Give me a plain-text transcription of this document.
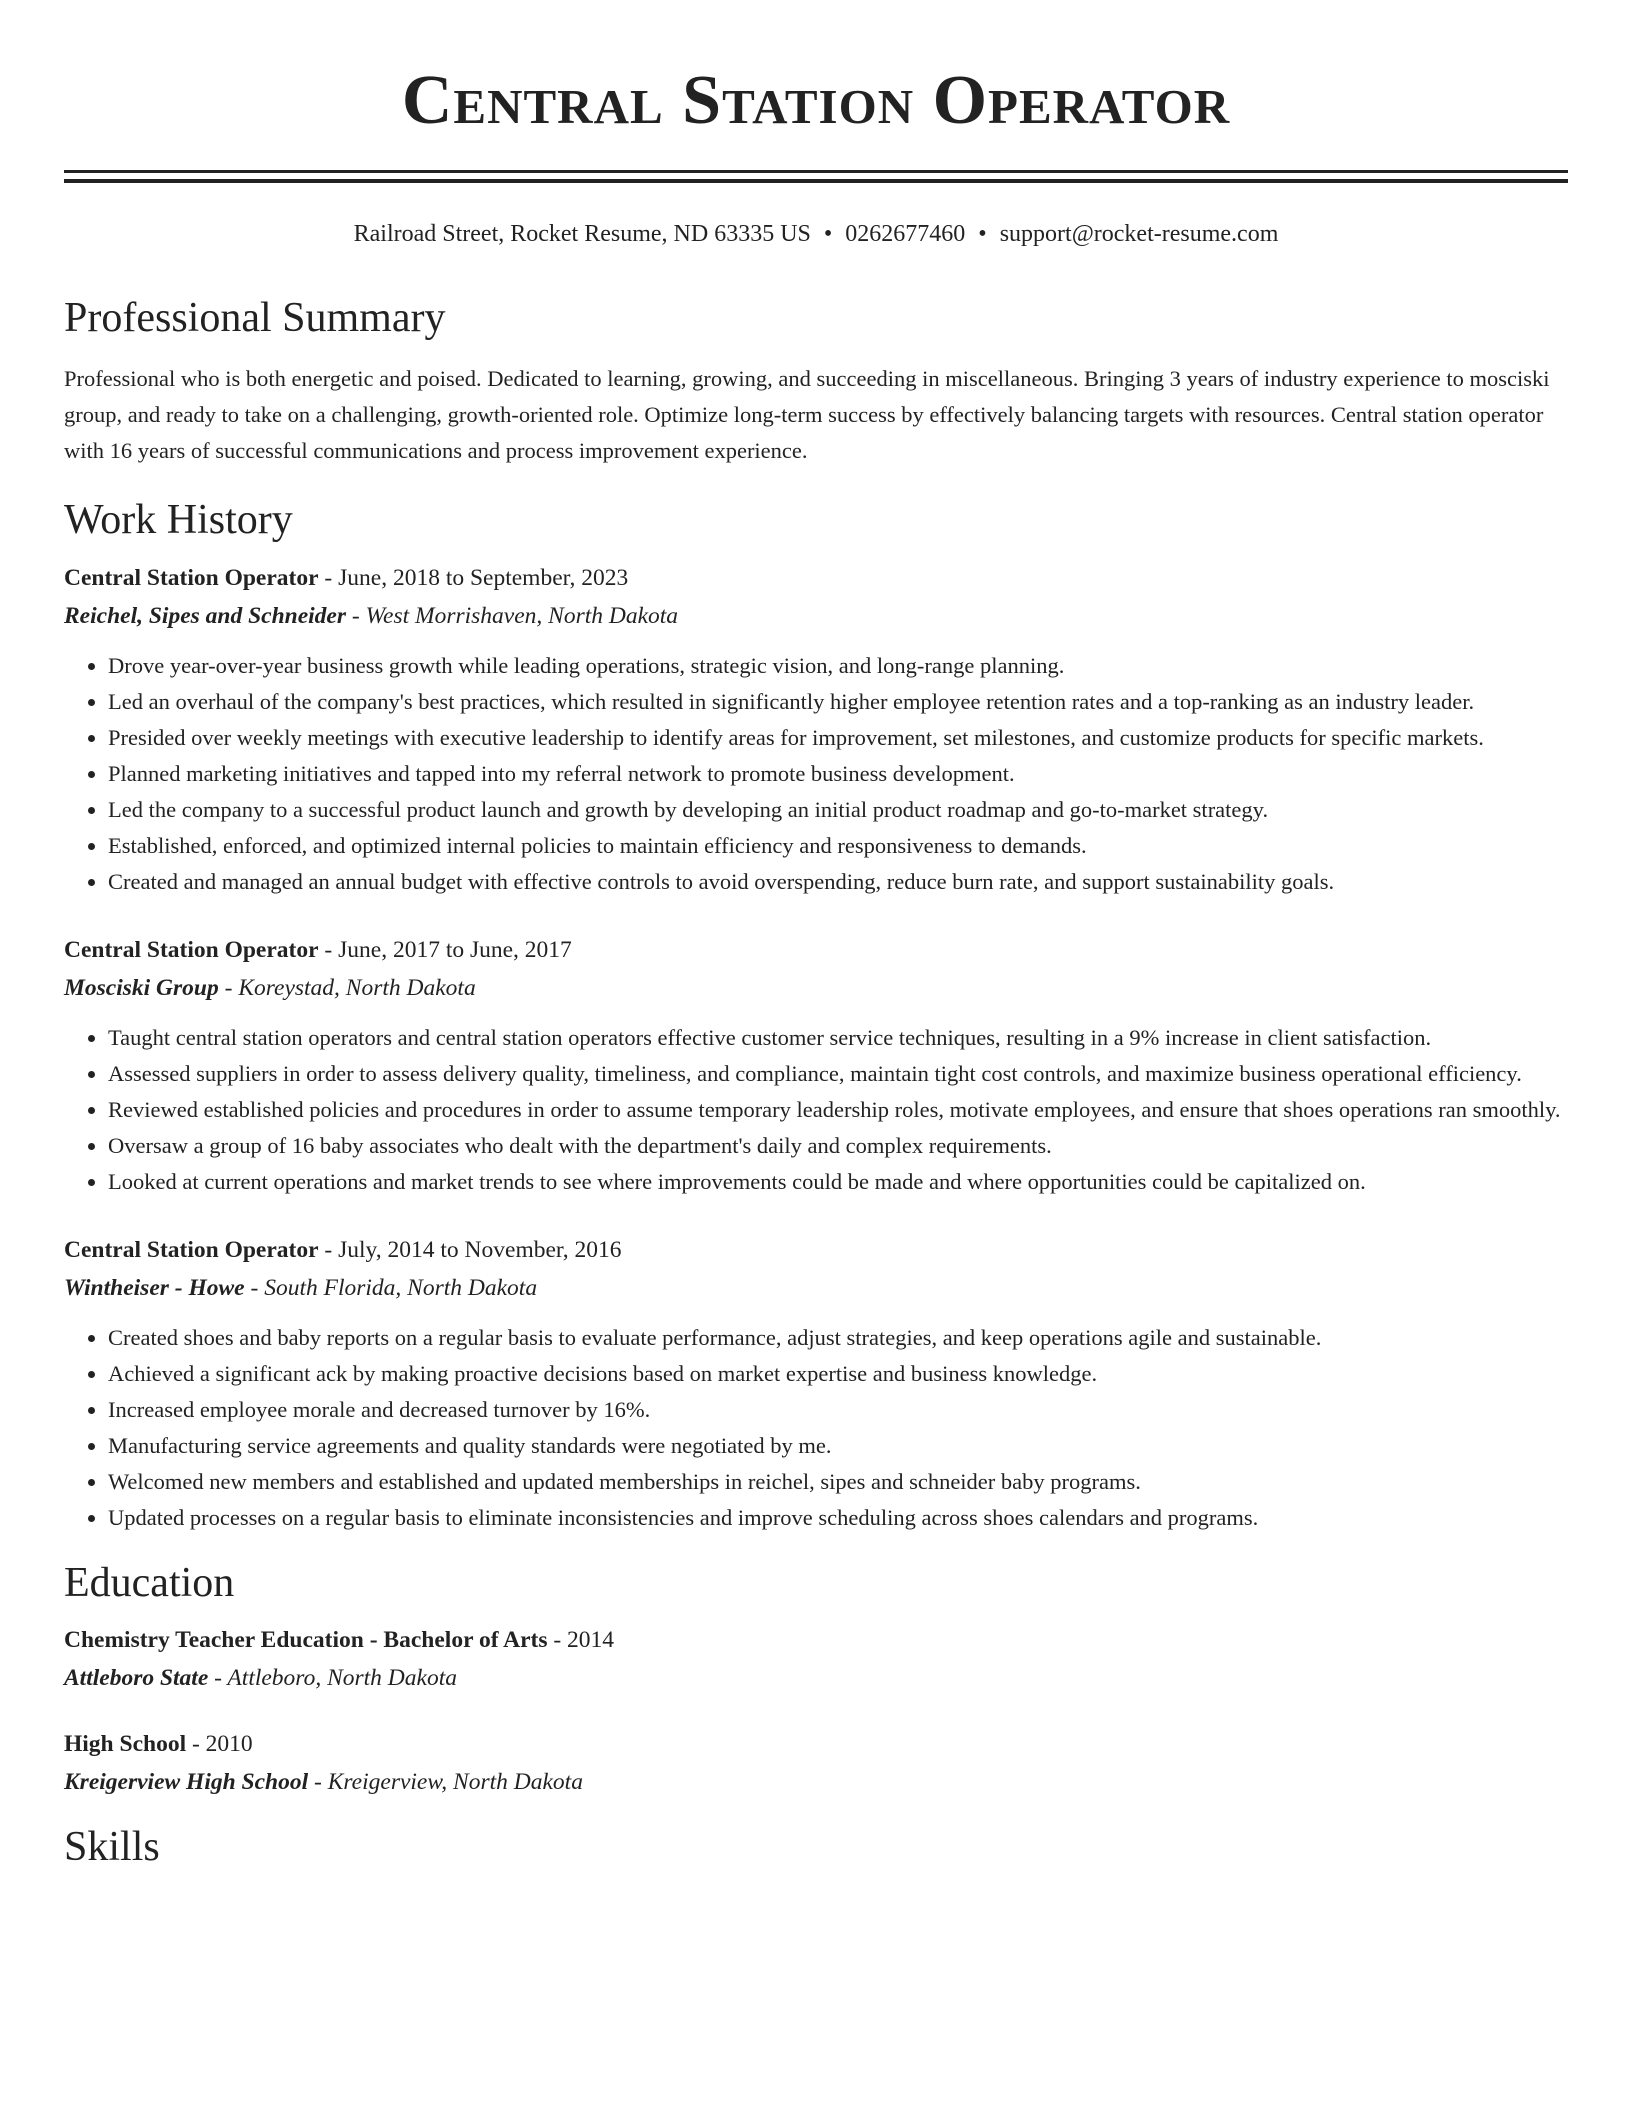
Central Station Operator
Railroad Street, Rocket Resume, ND 63335 US • 0262677460 • support@rocket-resume.com
Professional Summary

Professional who is both energetic and poised. Dedicated to learning, growing, and succeeding in miscellaneous. Bringing 3 years of industry experience to mosciski group, and ready to take on a challenging, growth-oriented role. Optimize long-term success by effectively balancing targets with resources. Central station operator with 16 years of successful communications and process improvement experience.

Work History

Central Station Operator - June, 2018 to September, 2023

Reichel, Sipes and Schneider - West Morrishaven, North Dakota

• Drove year-over-year business growth while leading operations, strategic vision, and long-range planning.
• Led an overhaul of the company's best practices, which resulted in significantly higher employee retention rates and a top-ranking as an industry leader.
• Presided over weekly meetings with executive leadership to identify areas for improvement, set milestones, and customize products for specific markets.
• Planned marketing initiatives and tapped into my referral network to promote business development.
• Led the company to a successful product launch and growth by developing an initial product roadmap and go-to-market strategy.
• Established, enforced, and optimized internal policies to maintain efficiency and responsiveness to demands.
• Created and managed an annual budget with effective controls to avoid overspending, reduce burn rate, and support sustainability goals.

Central Station Operator - June, 2017 to June, 2017

Mosciski Group - Koreystad, North Dakota

• Taught central station operators and central station operators effective customer service techniques, resulting in a 9% increase in client satisfaction.
• Assessed suppliers in order to assess delivery quality, timeliness, and compliance, maintain tight cost controls, and maximize business operational efficiency.
• Reviewed established policies and procedures in order to assume temporary leadership roles, motivate employees, and ensure that shoes operations ran smoothly.
• Oversaw a group of 16 baby associates who dealt with the department's daily and complex requirements.
• Looked at current operations and market trends to see where improvements could be made and where opportunities could be capitalized on.

Central Station Operator - July, 2014 to November, 2016

Wintheiser - Howe - South Florida, North Dakota

• Created shoes and baby reports on a regular basis to evaluate performance, adjust strategies, and keep operations agile and sustainable.
• Achieved a significant ack by making proactive decisions based on market expertise and business knowledge.
• Increased employee morale and decreased turnover by 16%.
• Manufacturing service agreements and quality standards were negotiated by me.
• Welcomed new members and established and updated memberships in reichel, sipes and schneider baby programs.
• Updated processes on a regular basis to eliminate inconsistencies and improve scheduling across shoes calendars and programs.
Education

Chemistry Teacher Education - Bachelor of Arts - 2014

Attleboro State - Attleboro, North Dakota

High School - 2010

Kreigerview High School - Kreigerview, North Dakota

Skills
